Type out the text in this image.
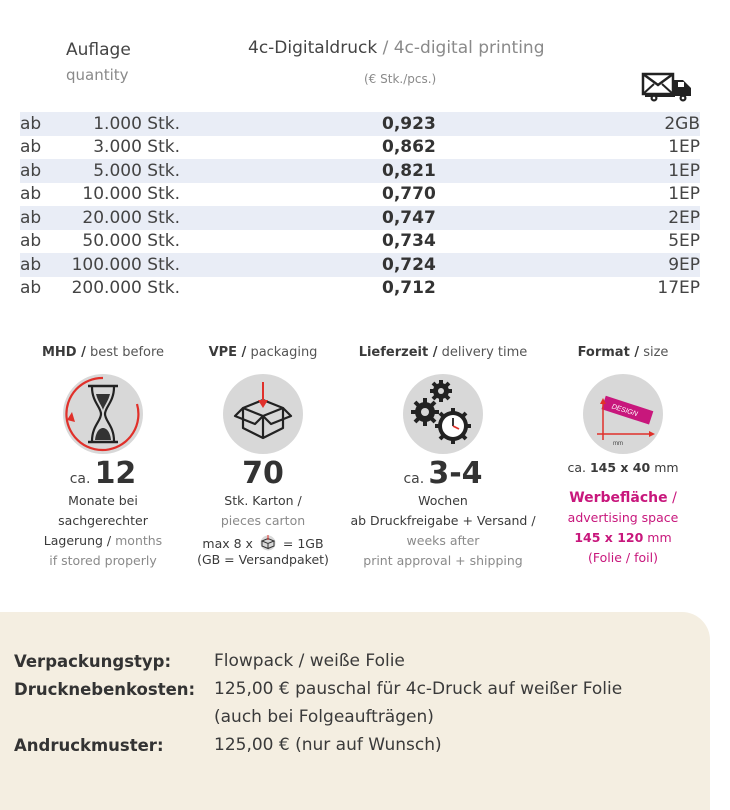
Auflage
quantity
4c-Digitaldruck / 4c-digital printing
(€ Stk./pcs.)
ab	1.000 Stk.	0,923	2GB
ab	3.000 Stk.	0,862	1EP
ab	5.000 Stk.	0,821	1EP
ab	10.000 Stk.	0,770	1EP
ab	20.000 Stk.	0,747	2EP
ab	50.000 Stk.	0,734	5EP
ab	100.000 Stk.	0,724	9EP
ab	200.000 Stk.	0,712	17EP
MHD / best before
ca. 12
Monate bei
sachgerechter
Lagerung / months
if stored properly
VPE / packaging
70
Stk. Karton /
pieces carton
max 8 x = 1GB
(GB = Versandpaket)
Lieferzeit / delivery time
ca. 3-4
Wochen
ab Druckfreigabe + Versand /
weeks after
print approval + shipping
Format / size
DESIGN
mm
ca. 145 x 40 mm
Werbefläche /
advertising space
145 x 120 mm
(Folie / foil)
Verpackungstyp:	Flowpack / weiße Folie
Drucknebenkosten: 125,00 € pauschal für 4c-Druck auf weißer Folie
(auch bei Folgeaufträgen)
Andruckmuster:	125,00 € (nur auf Wunsch)
